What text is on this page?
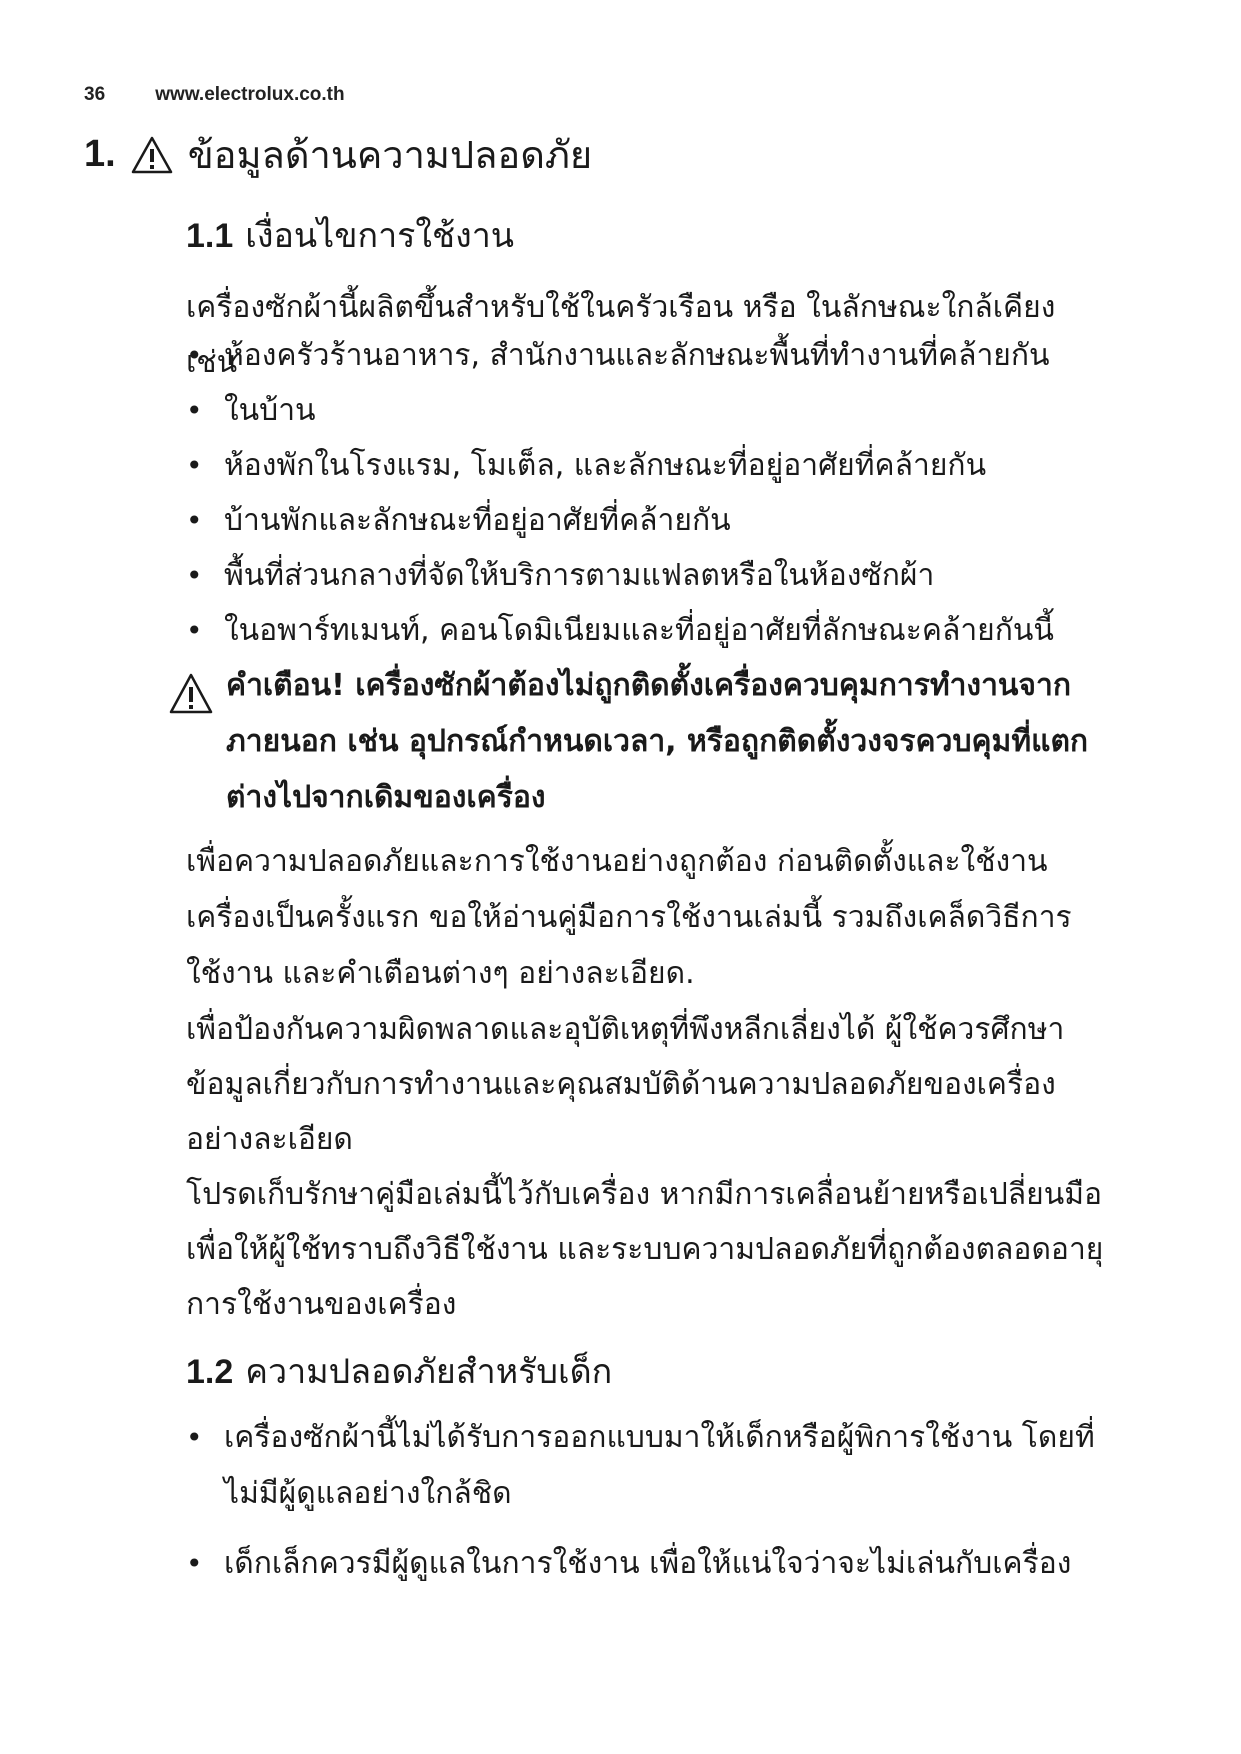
36	www.electrolux.co.th
1. ข้อมูลด้านความปลอดภัย
1.1 เงื่อนไขการใช้งาน
เครื่องซักผ้านี้ผลิตขึ้นสำหรับใช้ในครัวเรือน หรือ ในลักษณะใกล้เคียง เช่น
• ห้องครัวร้านอาหาร, สำนักงานและลักษณะพื้นที่ทำงานที่คล้ายกัน
• ในบ้าน
• ห้องพักในโรงแรม, โมเต็ล, และลักษณะที่อยู่อาศัยที่คล้ายกัน
• บ้านพักและลักษณะที่อยู่อาศัยที่คล้ายกัน
• พื้นที่ส่วนกลางที่จัดให้บริการตามแฟลตหรือในห้องซักผ้า
• ในอพาร์ทเมนท์, คอนโดมิเนียมและที่อยู่อาศัยที่ลักษณะคล้ายกันนี้
คำเตือน! เครื่องซักผ้าต้องไม่ถูกติดตั้งเครื่องควบคุมการทำงานจากภายนอก เช่น อุปกรณ์กำหนดเวลา, หรือถูกติดตั้งวงจรควบคุมที่แตกต่างไปจากเดิมของเครื่อง
เพื่อความปลอดภัยและการใช้งานอย่างถูกต้อง ก่อนติดตั้งและใช้งานเครื่องเป็นครั้งแรก ขอให้อ่านคู่มือการใช้งานเล่มนี้ รวมถึงเคล็ดวิธีการใช้งาน และคำเตือนต่างๆ อย่างละเอียด.
เพื่อป้องกันความผิดพลาดและอุบัติเหตุที่พึงหลีกเลี่ยงได้ ผู้ใช้ควรศึกษาข้อมูลเกี่ยวกับการทำงานและคุณสมบัติด้านความปลอดภัยของเครื่องอย่างละเอียด
โปรดเก็บรักษาคู่มือเล่มนี้ไว้กับเครื่อง หากมีการเคลื่อนย้ายหรือเปลี่ยนมือเพื่อให้ผู้ใช้ทราบถึงวิธีใช้งาน และระบบความปลอดภัยที่ถูกต้องตลอดอายุการใช้งานของเครื่อง
1.2 ความปลอดภัยสำหรับเด็ก
• เครื่องซักผ้านี้ไม่ได้รับการออกแบบมาให้เด็กหรือผู้พิการใช้งาน โดยที่ไม่มีผู้ดูแลอย่างใกล้ชิด
• เด็กเล็กควรมีผู้ดูแลในการใช้งาน เพื่อให้แน่ใจว่าจะไม่เล่นกับเครื่อง
